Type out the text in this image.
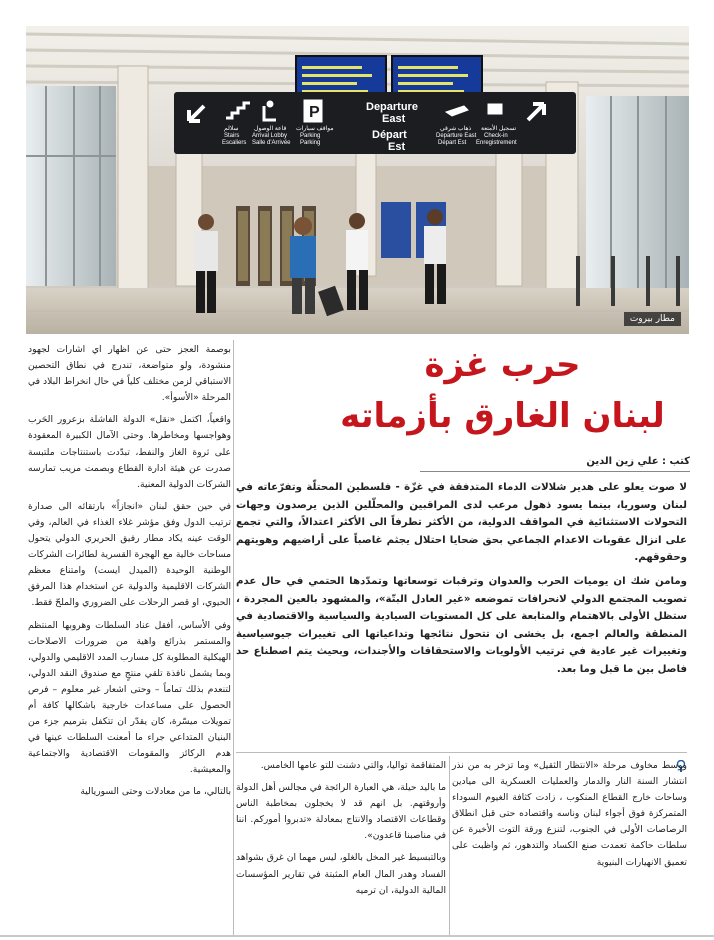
P
سلالم
Stairs
Escaliers
قاعة الوصول
Arrival Lobby
Salle d'Arrivée
مواقف سيارات
Parking
Parking
ذهاب شرقي
Departure East
Départ Est
تسجيل الأمتعة
Check-in
Enregistrement
Departure
East
Départ
Est
مطار بيروت
حرب غزة
لبنان الغارق بأزماته
كتب : علي زين الدين

لا صوت يعلو على هدير شلالات الدماء المتدفقة في غزّة - فلسطين المحتلّة وتفرّعاته في لبنان وسوريا، بينما يسود ذهول مرعب لدى المراقبين والمحلّلين الذين يرصدون وجهات التحولات الاستثنائية في المواقف الدولية، من الأكثر تطرفاً الى الأكثر اعتدالاً، والتي تجمع على انزال عقوبات الاعدام الجماعي بحق ضحايا احتلال يجثم غاصباً على أراضيهم وهويتهم وحقوقهم.

ومامن شك ان يوميات الحرب والعدوان وترقبات توسعاتها وتمدّدها الحتمي في حال عدم تصويب المجتمع الدولي لانحرافات تموضعه «غير العادل البتّة»، والمشهود بالعين المجردة ، ستظل الأولى بالاهتمام والمتابعة على كل المستويات السيادية والسياسية والاقتصادية في المنطقة والعالم اجمع، بل يخشى ان تتحول نتائجها وتداعياتها الى تغييرات جيوسياسية وتغييرات غير عادية في ترتيب الأولويات والاستحقاقات والأجندات، وبحيث يتم اصطناع حد فاصل بين ما قبل وما بعد.

بوصمة العجز حتى عن اظهار اي اشارات لجهود منشودة، ولو متواضعة، تندرج في نطاق التحصين الاستباقي لزمن مختلف كلياً في حال انخراط البلاد في المرحلة «الأسوأ».

واقعياً، اكتمل «نقل» الدولة الفاشلة بزعرور الحَرب وهواجسها ومخاطرها. وحتى الآمال الكبيرة المعقودة على ثروة الغاز والنفط، تبدّدت باستنتاجات ملتبسة صدرت عن هيئة ادارة القطاع وبصمت مريب تمارسه الشركات الدولية المعنية.

في حين حقق لبنان «انجازاً» بارتقائه الى صدارة ترتيب الدول وفق مؤشر غلاء الغذاء في العالم، وفي الوقت عينه يكاد مطار رفيق الحريري الدولي يتحول مساحات خالية مع الهجرة القسرية لطائرات الشركات الوطنية الوحيدة (الميدل ايست) وامتناع معظم الشركات الاقليمية والدولية عن استخدام هذا المرفق الحيوي، او قصر الرحلات على الضروري والملحّ فقط.

وفي الأساس، أفقل عناد السلطات وهروبها المنتظم والمستمر بذرائع واهية من ضرورات الاصلاحات الهيكلية المطلوبة كل مسارب المدد الاقليمي والدولي، وبما يشمل نافذة تلقي منتجٍ مع صندوق النقد الدولي، لتنعدم بذلك تماماً – وحتى اشعار غير معلوم – فرص الحصول على مساعدات خارجية باشكالها كافة أم تمويلات ميسّرة، كان يقدّر ان تتكفل بترميم جزء من البنيان المتداعي جراء ما أمعنت السلطات عينها في هدم الركائز والمقومات الاقتصادية والاجتماعية والمعيشية.

بالتالي، ما من معادلات وحتى السوريالية

المتفاقمة تواليا، والتي دشنت للتو عامها الخامس.

ما باليد حيلة، هي العبارة الرائجة في مجالس أهل الدولة وأروقتهم. بل انهم قد لا يخجلون بمخاطبة الناس وقطاعات الاقتصاد والانتاج بمعادلة «تدبروا أموركم. اننا في مناصبنا قاعدون».

وبالتبسيط غير المخل بالغلو، ليس مهما ان غرق بشواهد الفساد وهدر المال العام المثبتة في تقارير المؤسسات المالية الدولية، ان ترميه

ووسط مخاوف مرحلة «الانتظار الثقيل» وما تزخر به من نذر انتشار السنة النار والدمار والعمليات العسكرية الى ميادين وساحات خارج القطاع المنكوب ، زادت كثافة الغيوم السوداء المتمركزة فوق أجواء لبنان وناسه واقتصاده حتى قبل انطلاق الرصاصات الأولى في الجنوب، لتنزع ورقة التوت الأخيرة عن سلطات حاكمة تعمدت صنع الكساد والتدهور، ثم واظبت على تعميق الانهيارات البنيوية
